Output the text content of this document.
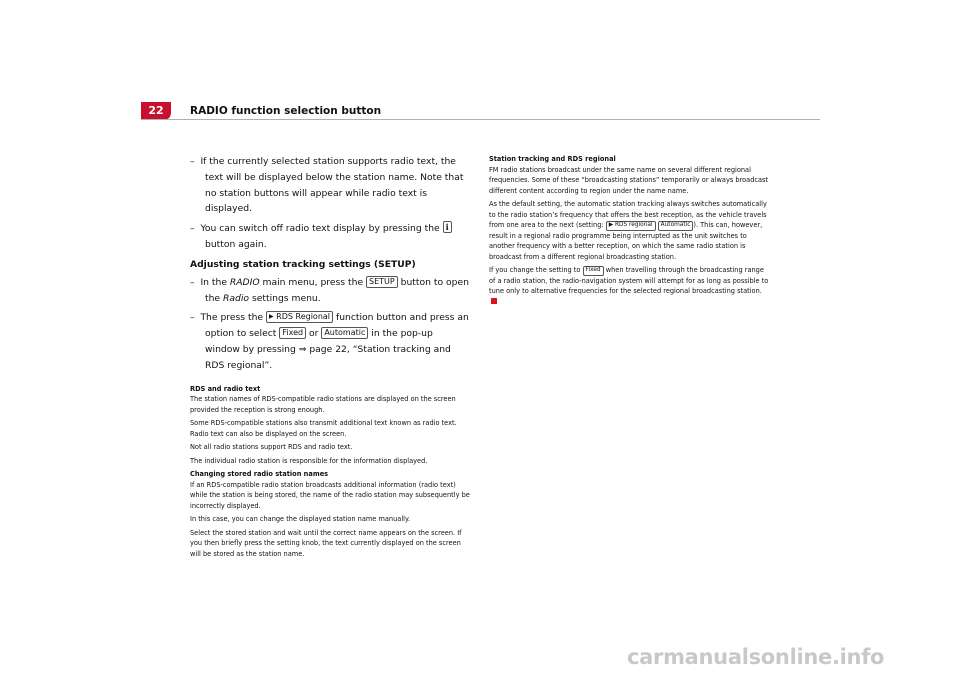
22	RADIO function selection button

–  If the currently selected station supports radio text, the text will be displayed below the station name. Note that no station buttons will appear while radio text is displayed.

–  You can switch off radio text display by pressing the i button again.

Adjusting station tracking settings (SETUP)

–  In the RADIO main menu, press the SETUP button to open the Radio settings menu.

–  The press the ▶ RDS Regional function button and press an option to select Fixed or Automatic in the pop-up window by pressing ⇒ page 22, “Station tracking and RDS regional”.

RDS and radio text

The station names of RDS-compatible radio stations are displayed on the screen provided the reception is strong enough.

Some RDS-compatible stations also transmit additional text known as radio text. Radio text can also be displayed on the screen.

Not all radio stations support RDS and radio text.

The individual radio station is responsible for the information displayed.

Changing stored radio station names

If an RDS-compatible radio station broadcasts additional information (radio text) while the station is being stored, the name of the radio station may subsequently be incorrectly displayed.

In this case, you can change the displayed station name manually.

Select the stored station and wait until the correct name appears on the screen. If you then briefly press the setting knob, the text currently displayed on the screen will be stored as the station name.

Station tracking and RDS regional

FM radio stations broadcast under the same name on several different regional frequencies. Some of these “broadcasting stations” temporarily or always broadcast different content according to region under the name name.

As the default setting, the automatic station tracking always switches automatically to the radio station’s frequency that offers the best reception, as the vehicle travels from one area to the next (setting: ▶ RDS regional Automatic ). This can, however, result in a regional radio programme being interrupted as the unit switches to another frequency with a better reception, on which the same radio station is broadcast from a different regional broadcasting station.

If you change the setting to Fixed when travelling through the broadcasting range of a radio station, the radio-navigation system will attempt for as long as possible to tune only to alternative frequencies for the selected regional broadcasting station.

carmanualsonline.info
